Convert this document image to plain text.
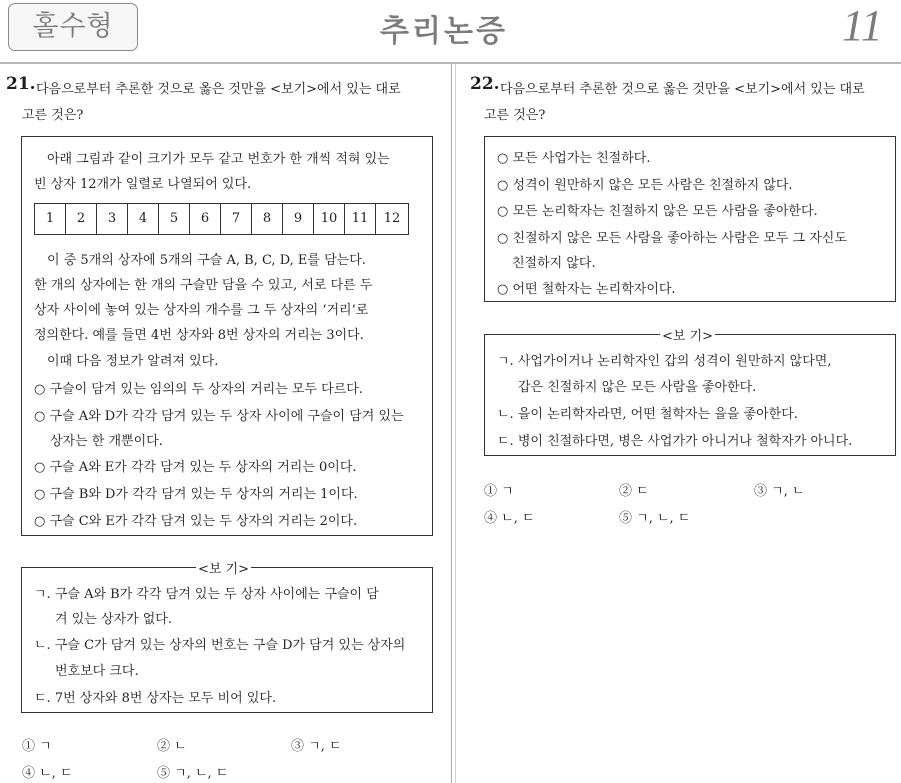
홀수형	추리논증	11
21. 다음으로부터 추론한 것으로 옳은 것만을 <보기>에서 있는 대로
고른 것은?
아래 그림과 같이 크기가 모두 같고 번호가 한 개씩 적혀 있는
빈 상자 12개가 일렬로 나열되어 있다.
1	2	3	4	5	6	7	8	9	10	11	12
이 중 5개의 상자에 5개의 구슬 A, B, C, D, E를 담는다.
한 개의 상자에는 한 개의 구슬만 담을 수 있고, 서로 다른 두
상자 사이에 놓여 있는 상자의 개수를 그 두 상자의 ‘거리’로
정의한다. 예를 들면 4번 상자와 8번 상자의 거리는 3이다.
이때 다음 정보가 알려져 있다.
○ 구슬이 담겨 있는 임의의 두 상자의 거리는 모두 다르다.
○ 구슬 A와 D가 각각 담겨 있는 두 상자 사이에 구슬이 담겨 있는
상자는 한 개뿐이다.
○ 구슬 A와 E가 각각 담겨 있는 두 상자의 거리는 0이다.
○ 구슬 B와 D가 각각 담겨 있는 두 상자의 거리는 1이다.
○ 구슬 C와 E가 각각 담겨 있는 두 상자의 거리는 2이다.
<보 기>
ㄱ. 구슬 A와 B가 각각 담겨 있는 두 상자 사이에는 구슬이 담
겨 있는 상자가 없다.
ㄴ. 구슬 C가 담겨 있는 상자의 번호는 구슬 D가 담겨 있는 상자의
번호보다 크다.
ㄷ. 7번 상자와 8번 상자는 모두 비어 있다.
① ㄱ	② ㄴ	③ ㄱ, ㄷ
④ ㄴ, ㄷ	⑤ ㄱ, ㄴ, ㄷ
22. 다음으로부터 추론한 것으로 옳은 것만을 <보기>에서 있는 대로
고른 것은?
○ 모든 사업가는 친절하다.
○ 성격이 원만하지 않은 모든 사람은 친절하지 않다.
○ 모든 논리학자는 친절하지 않은 모든 사람을 좋아한다.
○ 친절하지 않은 모든 사람을 좋아하는 사람은 모두 그 자신도
친절하지 않다.
○ 어떤 철학자는 논리학자이다.
<보 기>
ㄱ. 사업가이거나 논리학자인 갑의 성격이 원만하지 않다면,
갑은 친절하지 않은 모든 사람을 좋아한다.
ㄴ. 을이 논리학자라면, 어떤 철학자는 을을 좋아한다.
ㄷ. 병이 친절하다면, 병은 사업가가 아니거나 철학자가 아니다.
① ㄱ	② ㄷ	③ ㄱ, ㄴ
④ ㄴ, ㄷ	⑤ ㄱ, ㄴ, ㄷ
